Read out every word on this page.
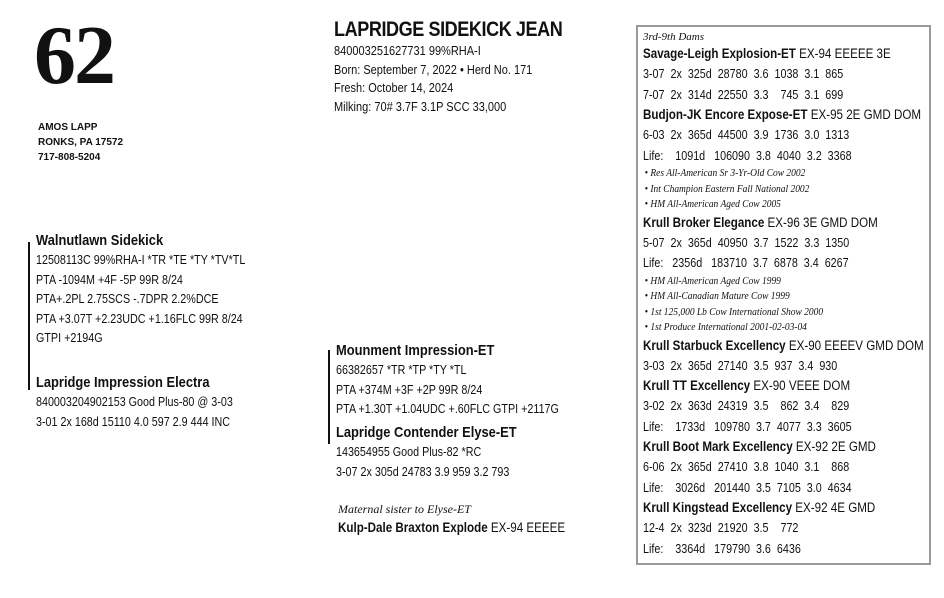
62
AMOS LAPP
RONKS, PA 17572
717-808-5204
LAPRIDGE SIDEKICK JEAN
840003251627731 99%RHA-I
Born: September 7, 2022 • Herd No. 171
Fresh: October 14, 2024
Milking: 70# 3.7F 3.1P SCC 33,000
Walnutlawn Sidekick
12508113C 99%RHA-I *TR *TE *TY *TV*TL
PTA -1094M +4F -5P 99R 8/24
PTA+.2PL 2.75SCS -.7DPR 2.2%DCE
PTA +3.07T +2.23UDC +1.16FLC 99R 8/24
GTPI +2194G
Lapridge Impression Electra
840003204902153 Good Plus-80 @ 3-03
3-01 2x 168d 15110 4.0 597 2.9 444 INC
Mounment Impression-ET
66382657 *TR *TP *TY *TL
PTA +374M +3F +2P 99R 8/24
PTA +1.30T +1.04UDC +.60FLC GTPI +2117G
Lapridge Contender Elyse-ET
143654955 Good Plus-82 *RC
3-07 2x 305d 24783 3.9 959 3.2 793
Maternal sister to Elyse-ET
Kulp-Dale Braxton Explode EX-94 EEEEE
3rd-9th Dams
Savage-Leigh Explosion-ET EX-94 EEEEE 3E
3-07  2x  325d  28780  3.6  1038  3.1  865
7-07  2x  314d  22550  3.3    745  3.1  699
Budjon-JK Encore Expose-ET EX-95 2E GMD DOM
6-03  2x  365d  44500  3.9  1736  3.0  1313
Life:    1091d   106090  3.8  4040  3.2  3368
• Res All-American Sr 3-Yr-Old Cow 2002
• Int Champion Eastern Fall National 2002
• HM All-American Aged Cow 2005
Krull Broker Elegance EX-96 3E GMD DOM
5-07  2x  365d  40950  3.7  1522  3.3  1350
Life:   2356d   183710  3.7  6878  3.4  6267
• HM All-American Aged Cow 1999
• HM All-Canadian Mature Cow 1999
• 1st 125,000 Lb Cow International Show 2000
• 1st Produce International 2001-02-03-04
Krull Starbuck Excellency EX-90 EEEEV GMD DOM
3-03  2x  365d  27140  3.5  937  3.4  930
Krull TT Excellency EX-90 VEEE DOM
3-02  2x  363d  24319  3.5    862  3.4    829
Life:    1733d   109780  3.7  4077  3.3  3605
Krull Boot Mark Excellency EX-92 2E GMD
6-06  2x  365d  27410  3.8  1040  3.1    868
Life:    3026d   201440  3.5  7105  3.0  4634
Krull Kingstead Excellency EX-92 4E GMD
12-4  2x  323d  21920  3.5    772
Life:    3364d   179790  3.6  6436
